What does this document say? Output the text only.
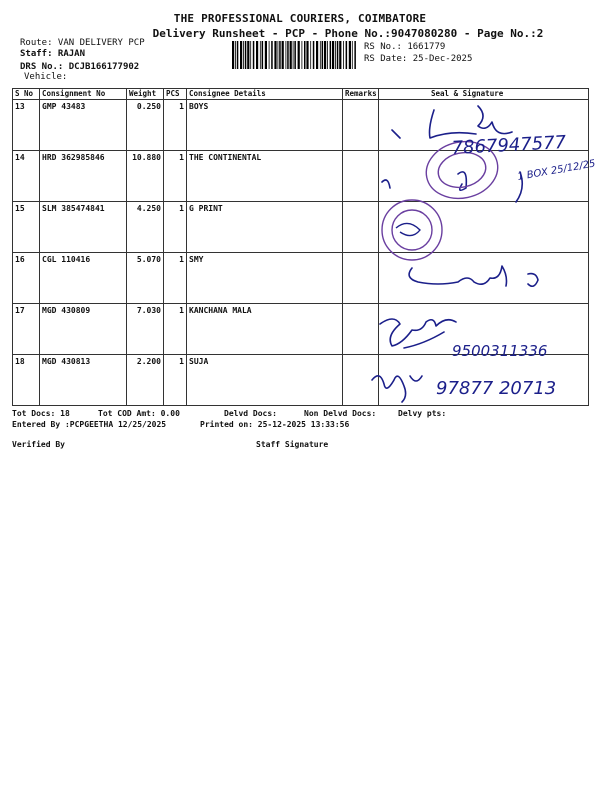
THE PROFESSIONAL COURIERS, COIMBATORE
Delivery Runsheet - PCP - Phone No.:9047080280 - Page No.:2
Route: VAN DELIVERY PCP
Staff: RAJAN
DRS No.: DCJB166177902
Vehicle:
RS No.: 1661779
RS Date: 25-Dec-2025
S No	Consignment No	Weight	PCS	Consignee Details	Remarks	Seal & Signature
13	GMP 43483	0.250	1	BOYS		
14	HRD 362985846	10.880	1	THE CONTINENTAL		
15	SLM 385474841	4.250	1	G PRINT		
16	CGL 110416	5.070	1	SMY		
17	MGD 430809	7.030	1	KANCHANA MALA		
18	MGD 430813	2.200	1	SUJA		
7867947577
1 BOX 25/12/25
9500311336
97877 20713
Tot Docs: 18	Tot COD Amt: 0.00	Delvd Docs:	Non Delvd Docs:	Delvy pts:
Entered By :PCPGEETHA 12/25/2025	Printed on: 25-12-2025 13:33:56
Verified By	Staff Signature
